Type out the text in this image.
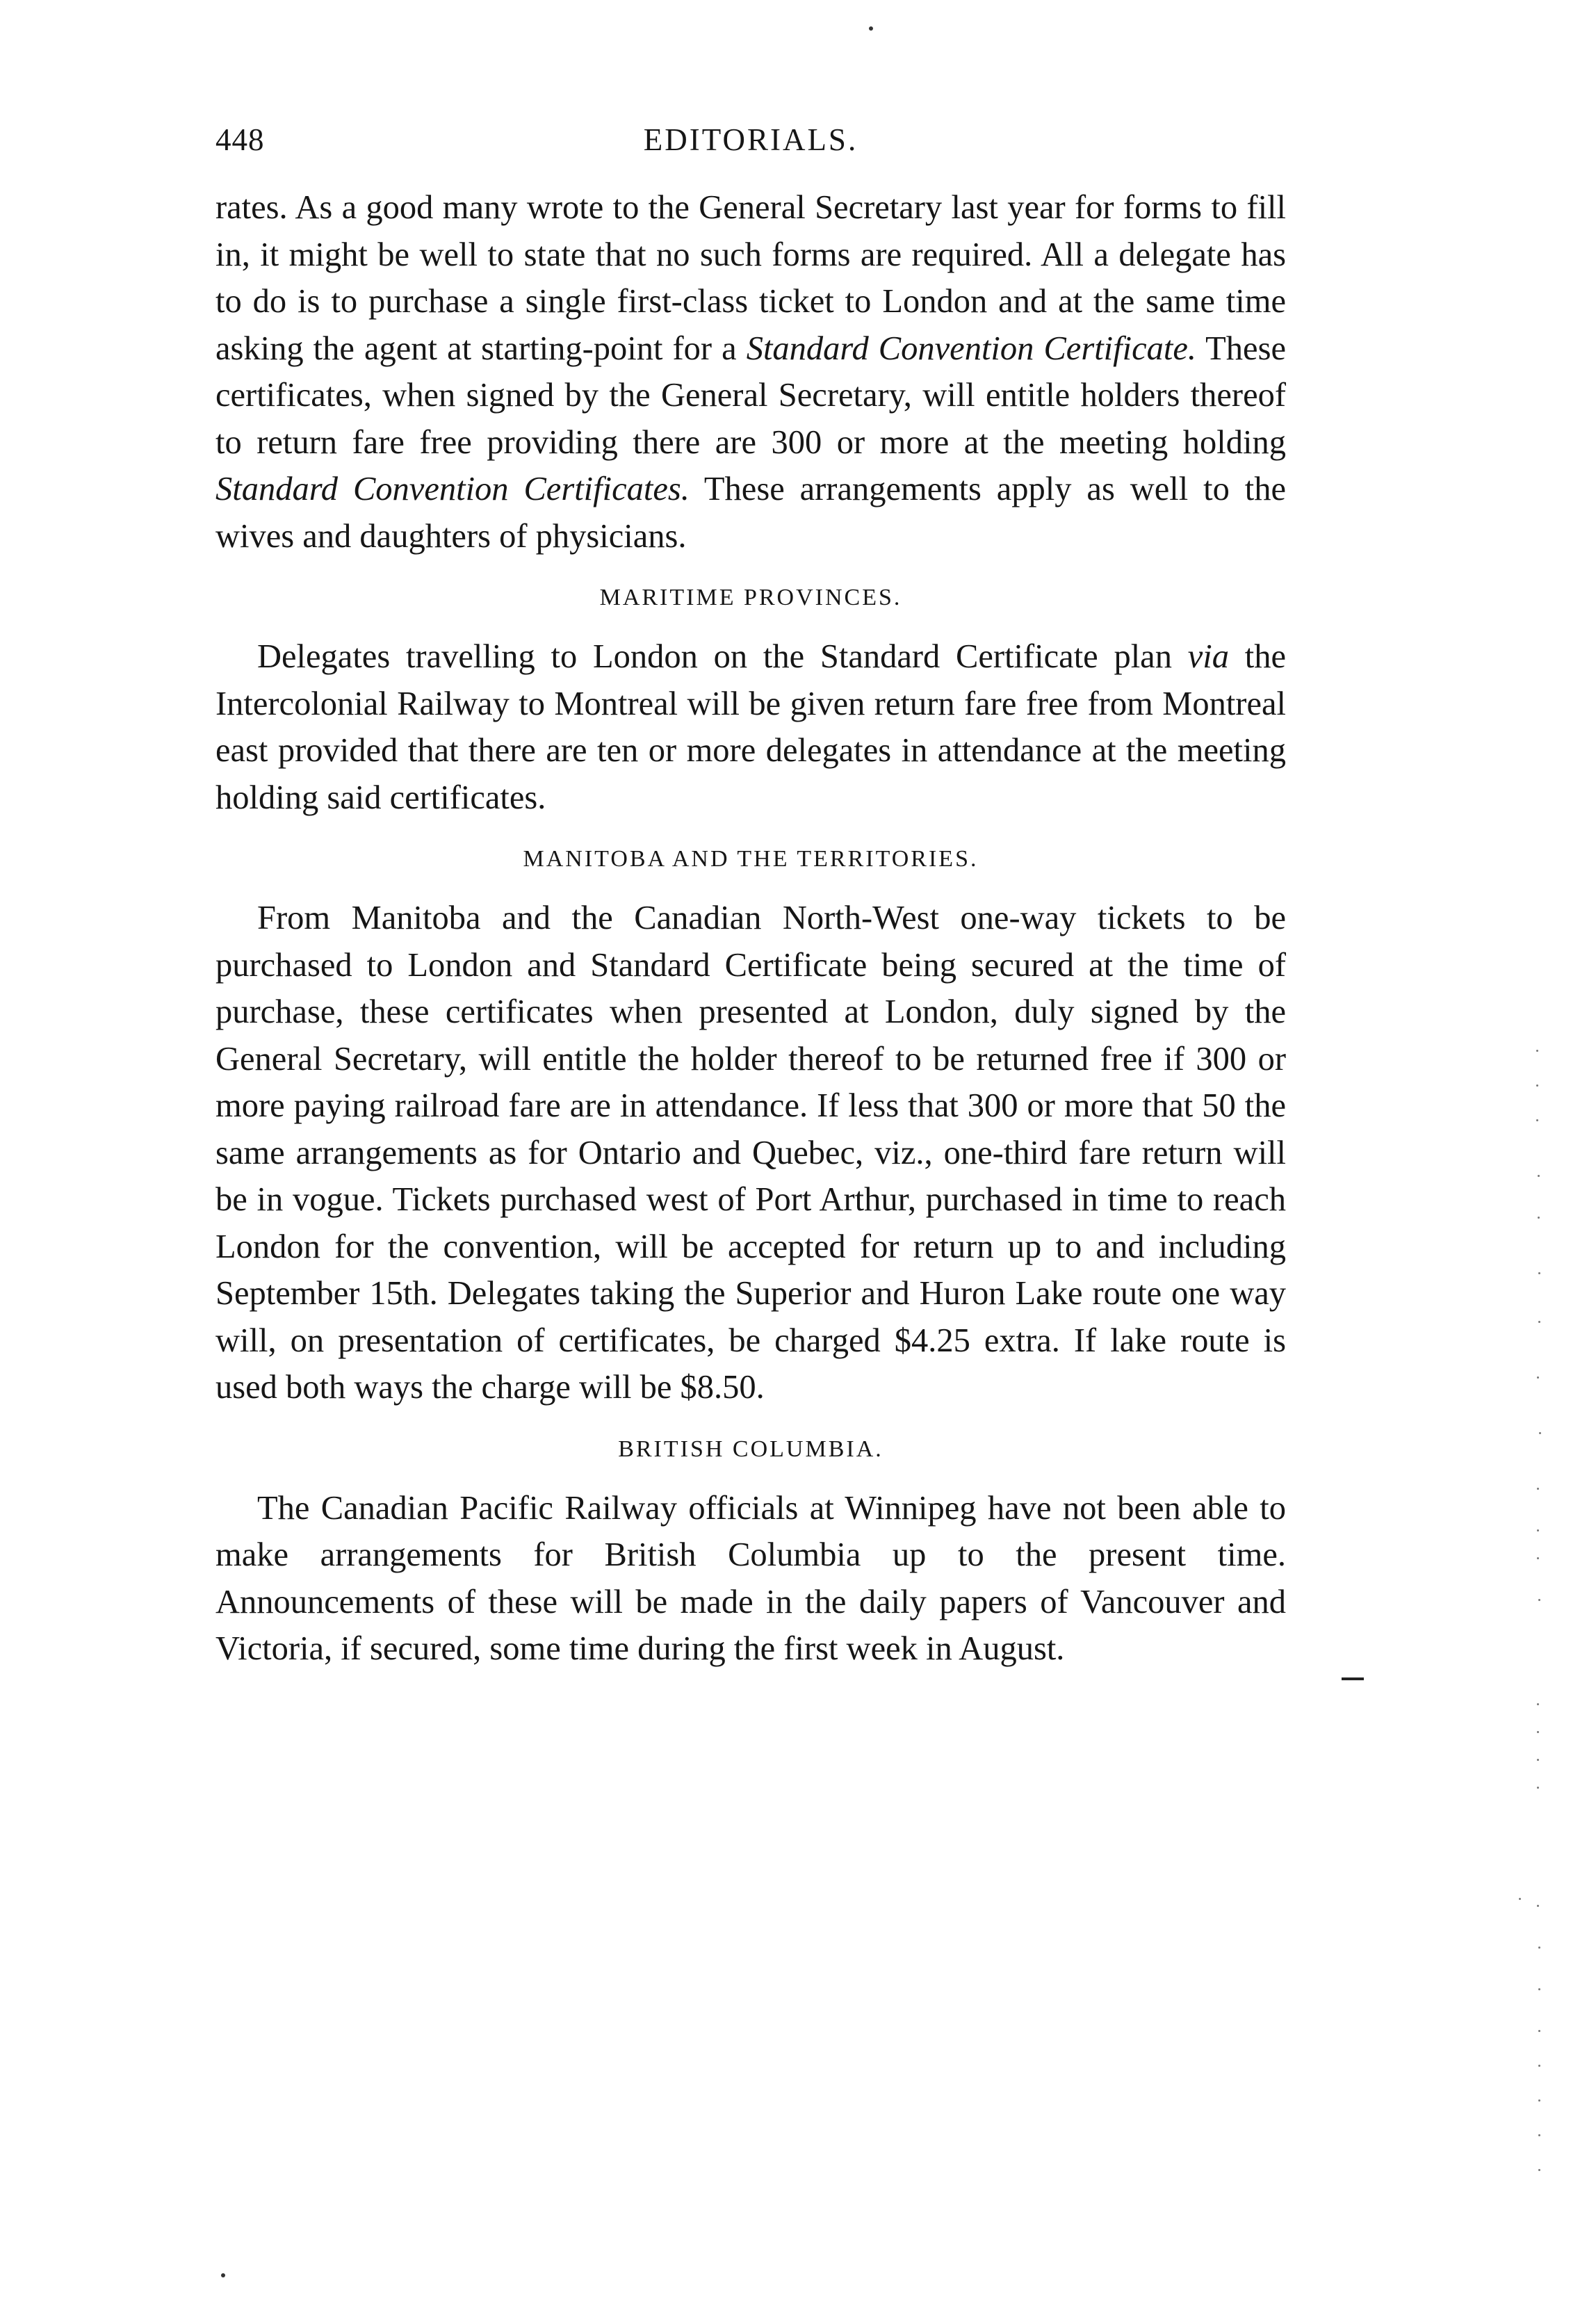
448	EDITORIALS.

rates. As a good many wrote to the General Secretary last year for forms to fill in, it might be well to state that no such forms are required. All a delegate has to do is to purchase a single first-class ticket to London and at the same time asking the agent at starting-point for a Standard Convention Certificate. These certificates, when signed by the General Secretary, will entitle holders thereof to return fare free providing there are 300 or more at the meeting holding Standard Convention Certificates. These arrangements apply as well to the wives and daughters of physicians.

MARITIME PROVINCES.

Delegates travelling to London on the Standard Certificate plan via the Intercolonial Railway to Montreal will be given return fare free from Montreal east provided that there are ten or more delegates in attendance at the meeting holding said certificates.

MANITOBA AND THE TERRITORIES.

From Manitoba and the Canadian North-West one-way tickets to be purchased to London and Standard Certificate being secured at the time of purchase, these certificates when presented at London, duly signed by the General Secretary, will entitle the holder thereof to be returned free if 300 or more paying railroad fare are in attendance. If less that 300 or more that 50 the same arrangements as for Ontario and Quebec, viz., one-third fare return will be in vogue. Tickets purchased west of Port Arthur, purchased in time to reach London for the convention, will be accepted for return up to and including September 15th. Delegates taking the Superior and Huron Lake route one way will, on presentation of certificates, be charged $4.25 extra. If lake route is used both ways the charge will be $8.50.

BRITISH COLUMBIA.

The Canadian Pacific Railway officials at Winnipeg have not been able to make arrangements for British Columbia up to the present time. Announcements of these will be made in the daily papers of Vancouver and Victoria, if secured, some time during the first week in August.
